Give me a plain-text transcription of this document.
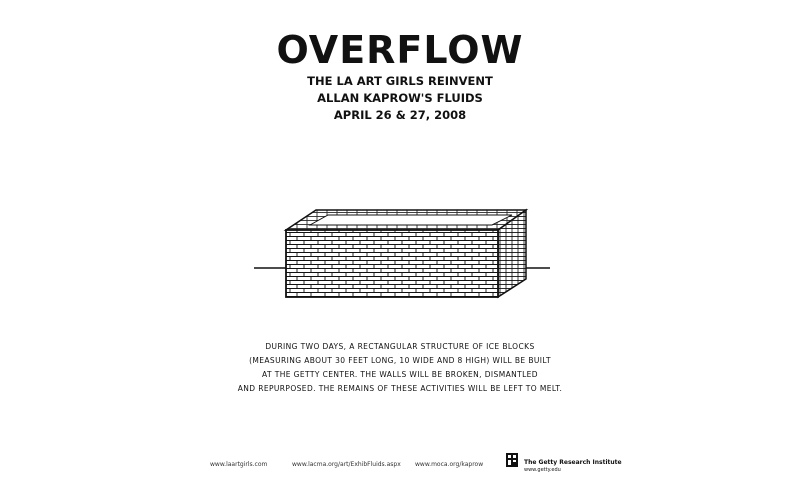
OVERFLOW
THE LA ART GIRLS REINVENT
ALLAN KAPROW'S FLUIDS
APRIL 26 & 27, 2008
DURING TWO DAYS, A RECTANGULAR STRUCTURE OF ICE BLOCKS
(MEASURING ABOUT 30 FEET LONG, 10 WIDE AND 8 HIGH) WILL BE BUILT
AT THE GETTY CENTER. THE WALLS WILL BE BROKEN, DISMANTLED
AND REPURPOSED. THE REMAINS OF THESE ACTIVITIES WILL BE LEFT TO MELT.
www.laartgirls.com	www.lacma.org/art/ExhibFluids.aspx www.moca.org/kaprow	The Getty Research Institute
www.getty.edu
